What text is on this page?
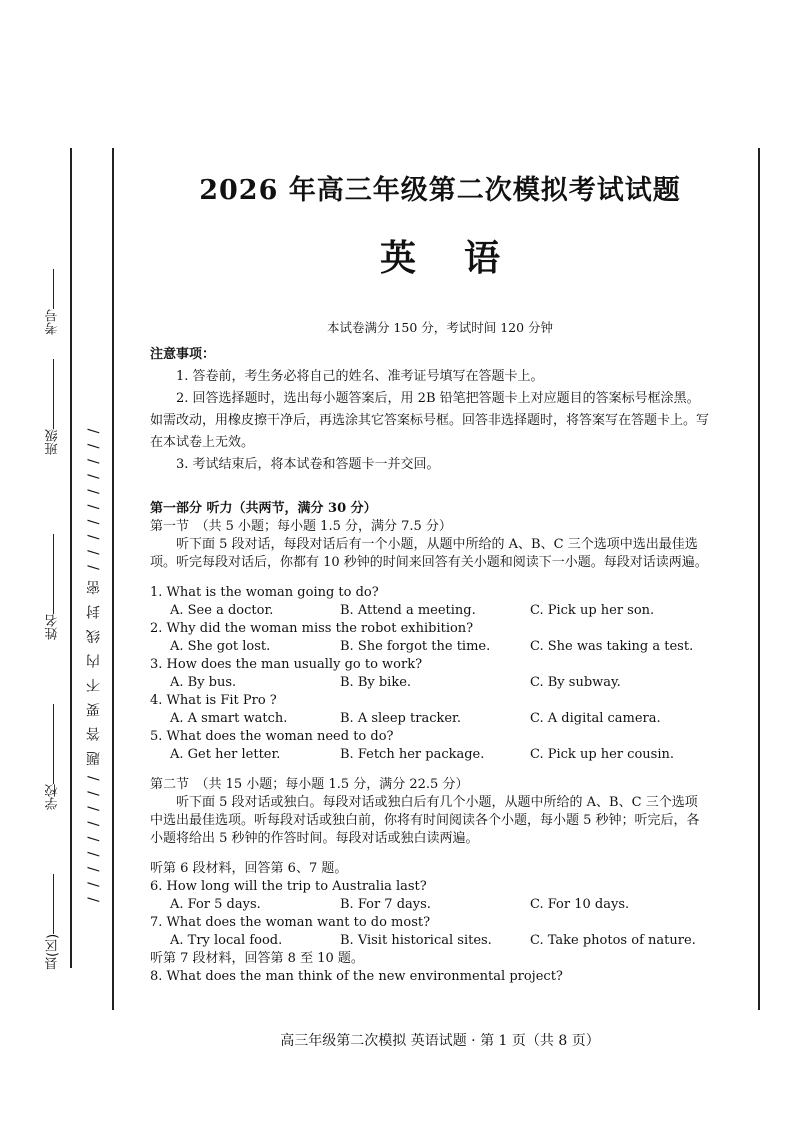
考号
班级
姓名
学校
县(区)
/ / / / / / / / / 题 答 要 不 内 线 封 密 / / / / / / / / / /
2026 年高三年级第二次模拟考试试题
英语
本试卷满分 150 分，考试时间 120 分钟
注意事项：
1. 答卷前，考生务必将自己的姓名、准考证号填写在答题卡上。
2. 回答选择题时，选出每小题答案后，用 2B 铅笔把答题卡上对应题目的答案标号框涂黑。如需改动，用橡皮擦干净后，再选涂其它答案标号框。回答非选择题时，将答案写在答题卡上。写在本试卷上无效。
3. 考试结束后，将本试卷和答题卡一并交回。
第一部分 听力（共两节，满分 30 分）
第一节　（共 5 小题；每小题 1.5 分，满分 7.5 分）
听下面 5 段对话，每段对话后有一个小题，从题中所给的 A、B、C 三个选项中选出最佳选项。听完每段对话后，你都有 10 秒钟的时间来回答有关小题和阅读下一小题。每段对话读两遍。
1. What is the woman going to do?
A. See a doctor.	B. Attend a meeting.	C. Pick up her son.
2. Why did the woman miss the robot exhibition?
A. She got lost.	B. She forgot the time.	C. She was taking a test.
3. How does the man usually go to work?
A. By bus.	B. By bike.	C. By subway.
4. What is Fit Pro ?
A. A smart watch.	B. A sleep tracker.	C. A digital camera.
5. What does the woman need to do?
A. Get her letter.	B. Fetch her package.	C. Pick up her cousin.
第二节　（共 15 小题；每小题 1.5 分，满分 22.5 分）
听下面 5 段对话或独白。每段对话或独白后有几个小题，从题中所给的 A、B、C 三个选项中选出最佳选项。听每段对话或独白前，你将有时间阅读各个小题，每小题 5 秒钟；听完后，各小题将给出 5 秒钟的作答时间。每段对话或独白读两遍。
听第 6 段材料，回答第 6、7 题。
6. How long will the trip to Australia last?
A. For 5 days.	B. For 7 days.	C. For 10 days.
7. What does the woman want to do most?
A. Try local food.	B. Visit historical sites.	C. Take photos of nature.
听第 7 段材料，回答第 8 至 10 题。
8. What does the man think of the new environmental project?
高三年级第二次模拟 英语试题 · 第 1 页（共 8 页）
